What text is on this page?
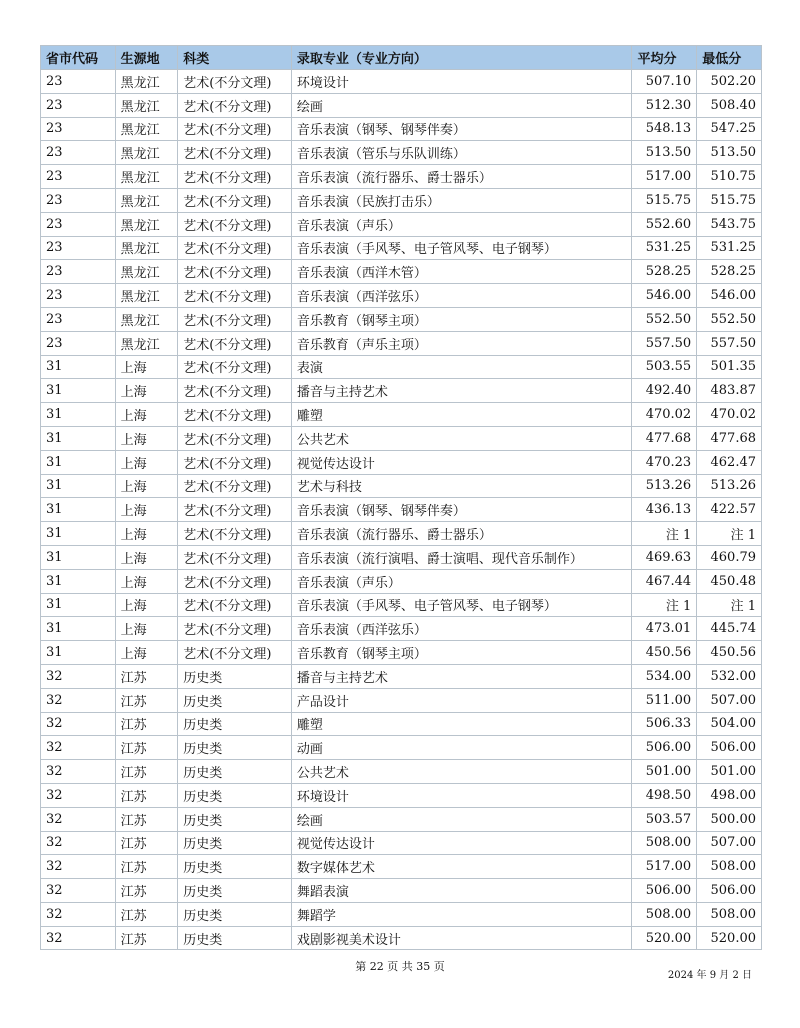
省市代码	生源地	科类	录取专业（专业方向）	平均分	最低分
23	黑龙江	艺术(不分文理)	环境设计	507.10	502.20
23	黑龙江	艺术(不分文理)	绘画	512.30	508.40
23	黑龙江	艺术(不分文理)	音乐表演（钢琴、钢琴伴奏）	548.13	547.25
23	黑龙江	艺术(不分文理)	音乐表演（管乐与乐队训练）	513.50	513.50
23	黑龙江	艺术(不分文理)	音乐表演（流行器乐、爵士器乐）	517.00	510.75
23	黑龙江	艺术(不分文理)	音乐表演（民族打击乐）	515.75	515.75
23	黑龙江	艺术(不分文理)	音乐表演（声乐）	552.60	543.75
23	黑龙江	艺术(不分文理)	音乐表演（手风琴、电子管风琴、电子钢琴）	531.25	531.25
23	黑龙江	艺术(不分文理)	音乐表演（西洋木管）	528.25	528.25
23	黑龙江	艺术(不分文理)	音乐表演（西洋弦乐）	546.00	546.00
23	黑龙江	艺术(不分文理)	音乐教育（钢琴主项）	552.50	552.50
23	黑龙江	艺术(不分文理)	音乐教育（声乐主项）	557.50	557.50
31	上海	艺术(不分文理)	表演	503.55	501.35
31	上海	艺术(不分文理)	播音与主持艺术	492.40	483.87
31	上海	艺术(不分文理)	雕塑	470.02	470.02
31	上海	艺术(不分文理)	公共艺术	477.68	477.68
31	上海	艺术(不分文理)	视觉传达设计	470.23	462.47
31	上海	艺术(不分文理)	艺术与科技	513.26	513.26
31	上海	艺术(不分文理)	音乐表演（钢琴、钢琴伴奏）	436.13	422.57
31	上海	艺术(不分文理)	音乐表演（流行器乐、爵士器乐）	注 1	注 1
31	上海	艺术(不分文理)	音乐表演（流行演唱、爵士演唱、现代音乐制作）	469.63	460.79
31	上海	艺术(不分文理)	音乐表演（声乐）	467.44	450.48
31	上海	艺术(不分文理)	音乐表演（手风琴、电子管风琴、电子钢琴）	注 1	注 1
31	上海	艺术(不分文理)	音乐表演（西洋弦乐）	473.01	445.74
31	上海	艺术(不分文理)	音乐教育（钢琴主项）	450.56	450.56
32	江苏	历史类	播音与主持艺术	534.00	532.00
32	江苏	历史类	产品设计	511.00	507.00
32	江苏	历史类	雕塑	506.33	504.00
32	江苏	历史类	动画	506.00	506.00
32	江苏	历史类	公共艺术	501.00	501.00
32	江苏	历史类	环境设计	498.50	498.00
32	江苏	历史类	绘画	503.57	500.00
32	江苏	历史类	视觉传达设计	508.00	507.00
32	江苏	历史类	数字媒体艺术	517.00	508.00
32	江苏	历史类	舞蹈表演	506.00	506.00
32	江苏	历史类	舞蹈学	508.00	508.00
32	江苏	历史类	戏剧影视美术设计	520.00	520.00
第 22 页 共 35 页
2024 年 9 月 2 日
